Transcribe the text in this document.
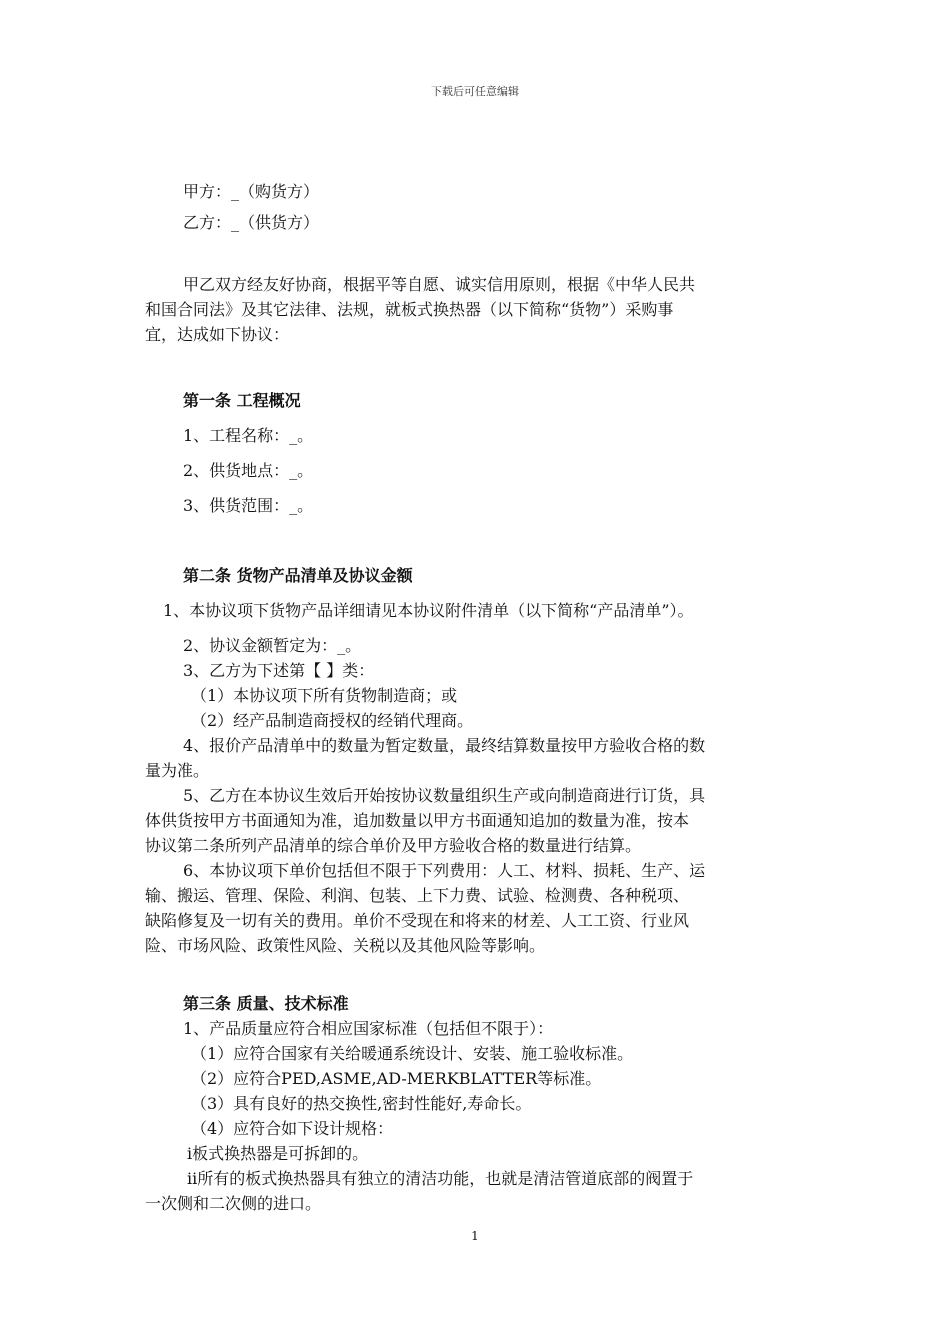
下载后可任意编辑
甲方：_（购货方）
乙方：_（供货方）
甲乙双方经友好协商，根据平等自愿、诚实信用原则，根据《中华人民共
和国合同法》及其它法律、法规，就板式换热器（以下简称“货物”）采购事
宜，达成如下协议：
第一条 工程概况
1、工程名称：_。
2、供货地点：_。
3、供货范围：_。
第二条 货物产品清单及协议金额
1、本协议项下货物产品详细请见本协议附件清单（以下简称“产品清单”）。
2、协议金额暂定为：_。
3、乙方为下述第【 】类：
（1）本协议项下所有货物制造商；或
（2）经产品制造商授权的经销代理商。
4、报价产品清单中的数量为暂定数量，最终结算数量按甲方验收合格的数
量为准。
5、乙方在本协议生效后开始按协议数量组织生产或向制造商进行订货，具
体供货按甲方书面通知为准，追加数量以甲方书面通知追加的数量为准，按本
协议第二条所列产品清单的综合单价及甲方验收合格的数量进行结算。
6、本协议项下单价包括但不限于下列费用：人工、材料、损耗、生产、运
输、搬运、管理、保险、利润、包装、上下力费、试验、检测费、各种税项、
缺陷修复及一切有关的费用。单价不受现在和将来的材差、人工工资、行业风
险、市场风险、政策性风险、关税以及其他风险等影响。
第三条 质量、技术标准
1、产品质量应符合相应国家标准（包括但不限于）：
（1）应符合国家有关给暖通系统设计、安装、施工验收标准。
（2）应符合PED,ASME,AD-MERKBLATTER等标准。
（3）具有良好的热交换性,密封性能好,寿命长。
（4）应符合如下设计规格：
ⅰ板式换热器是可拆卸的。
ⅱ所有的板式换热器具有独立的清洁功能，也就是清洁管道底部的阀置于
一次侧和二次侧的进口。
1
